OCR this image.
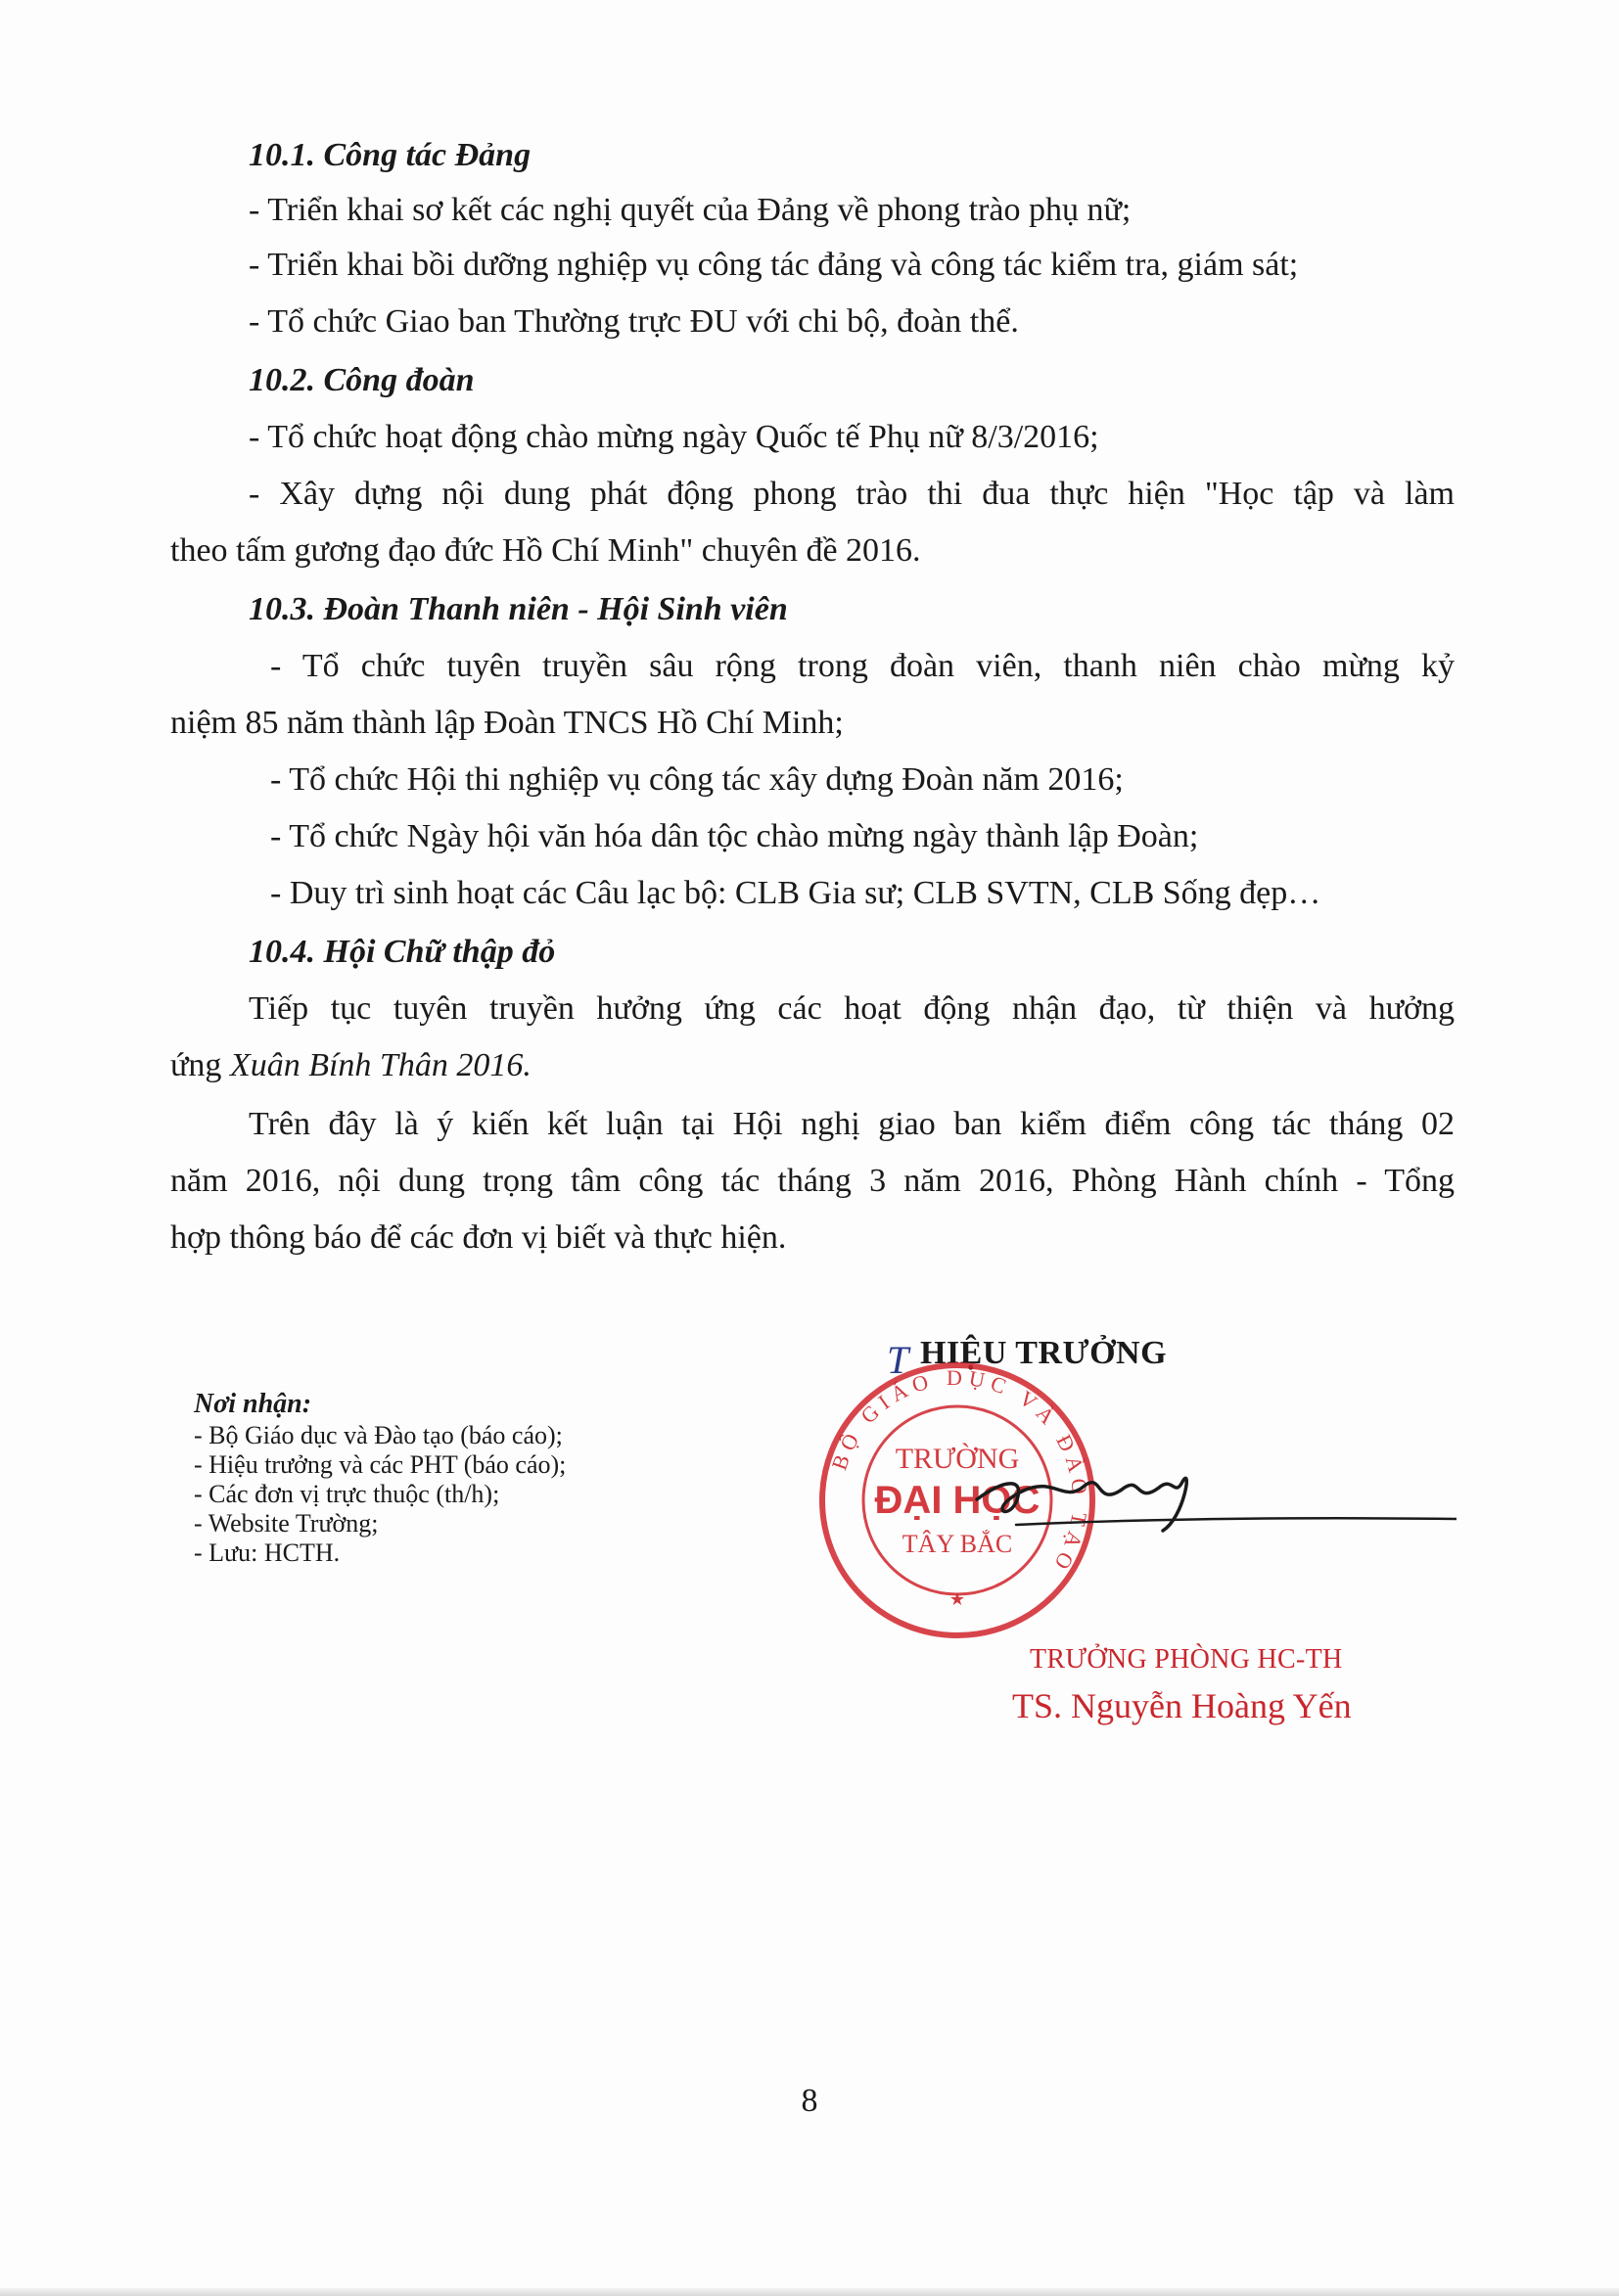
10.1. Công tác Đảng
- Triển khai sơ kết các nghị quyết của Đảng về phong trào phụ nữ;
- Triển khai bồi dưỡng nghiệp vụ công tác đảng và công tác kiểm tra, giám sát;
- Tổ chức Giao ban Thường trực ĐU với chi bộ, đoàn thể.
10.2. Công đoàn
- Tổ chức hoạt động chào mừng ngày Quốc tế Phụ nữ 8/3/2016;
- Xây dựng nội dung phát động phong trào thi đua thực hiện "Học tập và làm
theo tấm gương đạo đức Hồ Chí Minh" chuyên đề 2016.
10.3. Đoàn Thanh niên - Hội Sinh viên
- Tổ chức tuyên truyền sâu rộng trong đoàn viên, thanh niên chào mừng kỷ
niệm 85 năm thành lập Đoàn TNCS Hồ Chí Minh;
- Tổ chức Hội thi nghiệp vụ công tác xây dựng Đoàn năm 2016;
- Tổ chức Ngày hội văn hóa dân tộc chào mừng ngày thành lập Đoàn;
- Duy trì sinh hoạt các Câu lạc bộ: CLB Gia sư; CLB SVTN, CLB Sống đẹp…
10.4. Hội Chữ thập đỏ
Tiếp tục tuyên truyền hưởng ứng các hoạt động nhận đạo, từ thiện và hưởng
ứng Xuân Bính Thân 2016.
Trên đây là ý kiến kết luận tại Hội nghị giao ban kiểm điểm công tác tháng 02
năm 2016, nội dung trọng tâm công tác tháng 3 năm 2016, Phòng Hành chính - Tổng
hợp thông báo để các đơn vị biết và thực hiện.
Nơi nhận:
- Bộ Giáo dục và Đào tạo (báo cáo);
- Hiệu trưởng và các PHT (báo cáo);
- Các đơn vị trực thuộc (th/h);
- Website Trường;
- Lưu: HCTH.
T HIỆU TRƯỞNG
BỘ GIÁO DỤC VÀ ĐÀO TẠO
TRƯỜNG
ĐẠI HỌC
TÂY BẮC
★
TRƯỞNG PHÒNG HC-TH
TS. Nguyễn Hoàng Yến
8
